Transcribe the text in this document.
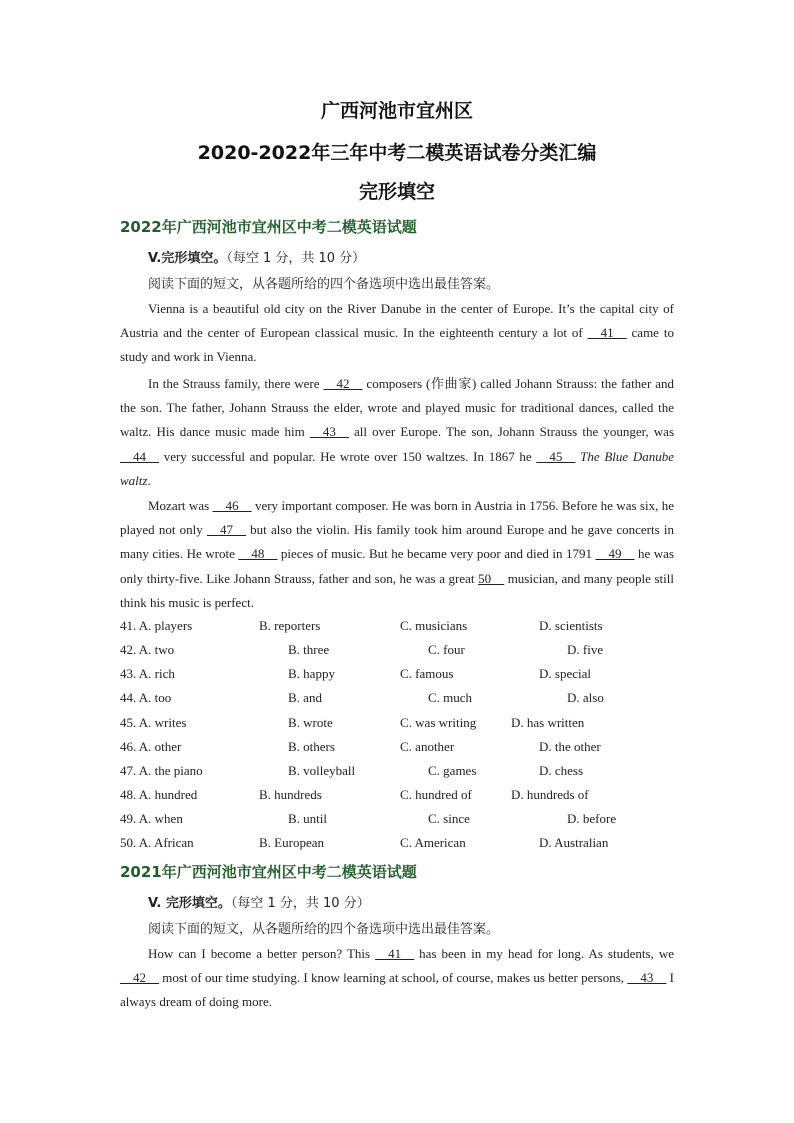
广西河池市宜州区
2020-2022年三年中考二模英语试卷分类汇编
完形填空
2022年广西河池市宜州区中考二模英语试题
V.完形填空。（每空 1 分，共 10 分）
阅读下面的短文，从各题所给的四个备选项中选出最佳答案。
Vienna is a beautiful old city on the River Danube in the center of Europe. It’s the capital city of Austria and the center of European classical music. In the eighteenth century a lot of __41__ came to study and work in Vienna.
In the Strauss family, there were __42__ composers (作曲家) called Johann Strauss: the father and the son. The father, Johann Strauss the elder, wrote and played music for traditional dances, called the waltz. His dance music made him __43__ all over Europe. The son, Johann Strauss the younger, was __44__ very successful and popular. He wrote over 150 waltzes. In 1867 he __45__ The Blue Danube waltz.
Mozart was __46__ very important composer. He was born in Austria in 1756. Before he was six, he played not only __47__ but also the violin. His family took him around Europe and he gave concerts in many cities. He wrote __48__ pieces of music. But he became very poor and died in 1791 __49__ he was only thirty-five. Like Johann Strauss, father and son, he was a great 50__ musician, and many people still think his music is perfect.
41. A. players	B. reporters	C. musicians	D. scientists
42. A. two	B. three	C. four	D. five
43. A. rich	B. happy	C. famous	D. special
44. A. too	B. and	C. much	D. also
45. A. writes	B. wrote	C. was writing	D. has written
46. A. other	B. others	C. another	D. the other
47. A. the piano	B. volleyball	C. games	D. chess
48. A. hundred	B. hundreds	C. hundred of	D. hundreds of
49. A. when	B. until	C. since	D. before
50. A. African	B. European	C. American	D. Australian
2021年广西河池市宜州区中考二模英语试题
V. 完形填空。（每空 1 分，共 10 分）
阅读下面的短文，从各题所给的四个备选项中选出最佳答案。
How can I become a better person? This __41__ has been in my head for long. As students, we __42__ most of our time studying. I know learning at school, of course, makes us better persons, __43__ I always dream of doing more.
